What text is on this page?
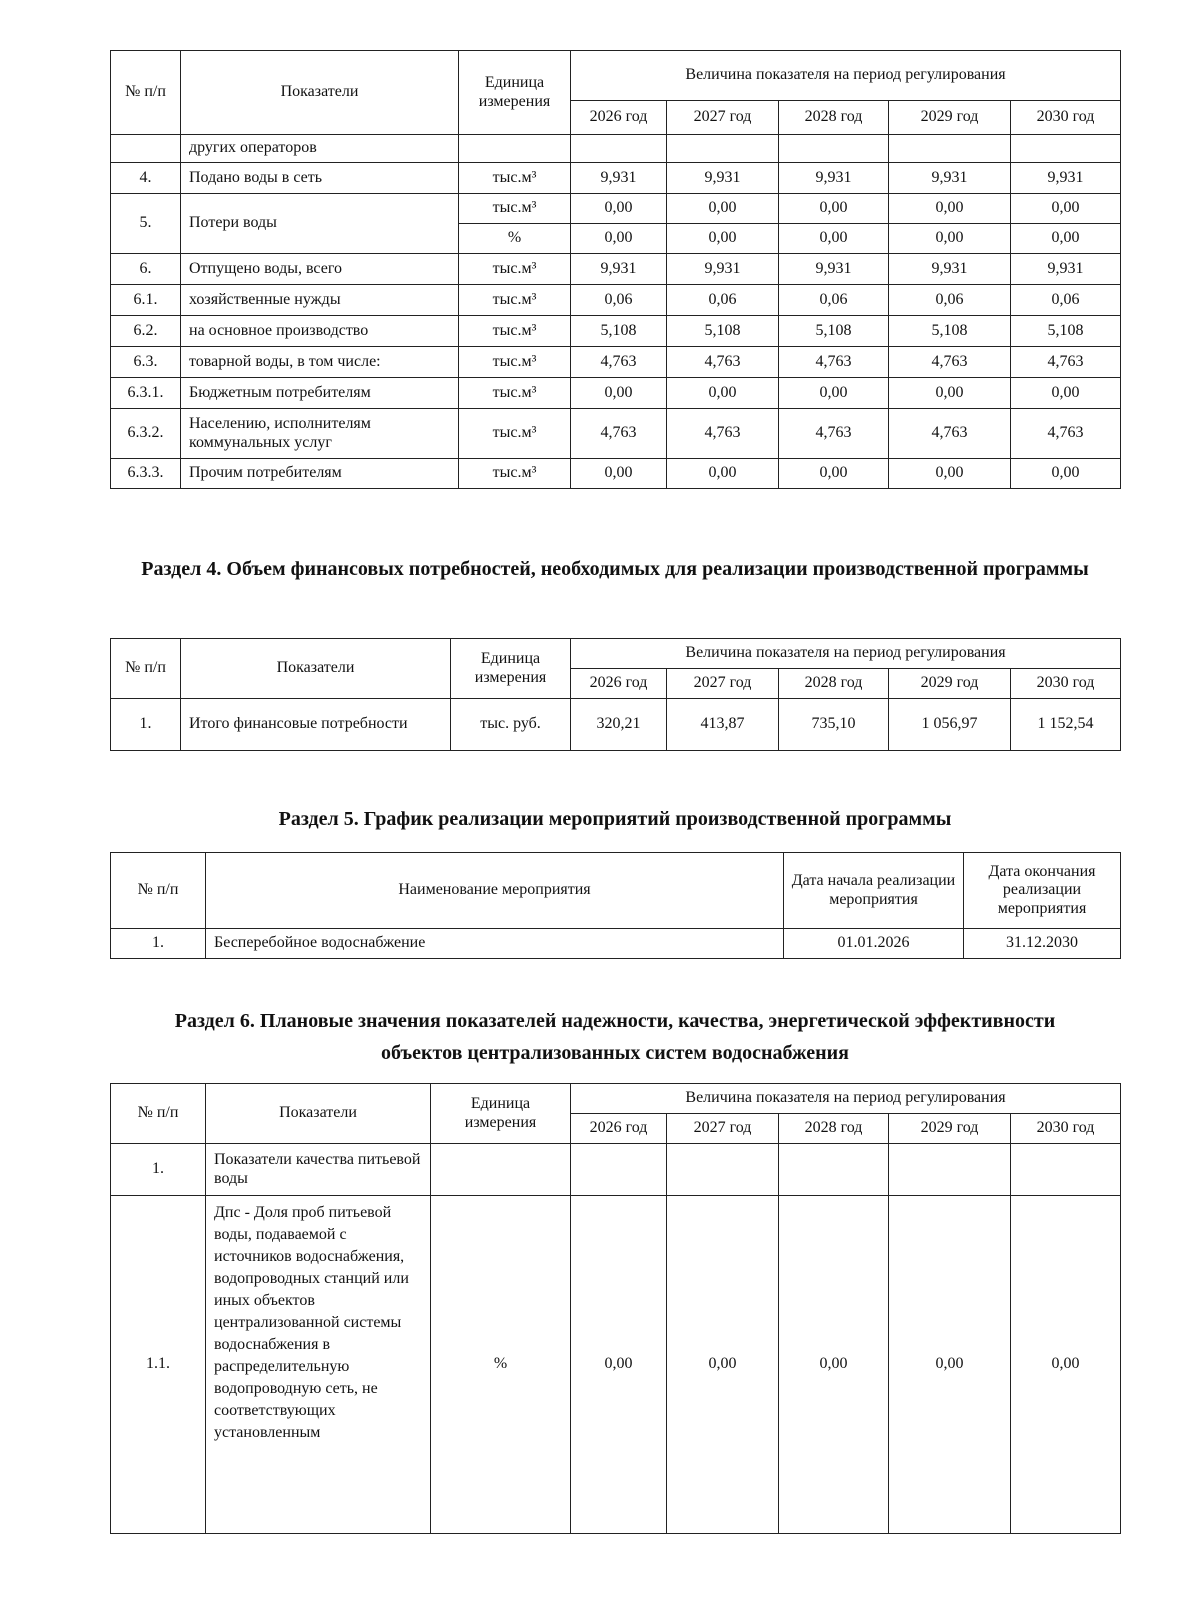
№ п/п	Показатели	Единица измерения	Величина показателя на период регулирования				
			2026 год	2027 год	2028 год	2029 год	2030 год
	других операторов						
4.	Подано воды в сеть	тыс.м³	9,931	9,931	9,931	9,931	9,931
5.	Потери воды	тыс.м³	0,00	0,00	0,00	0,00	0,00
		%	0,00	0,00	0,00	0,00	0,00
6.	Отпущено воды, всего	тыс.м³	9,931	9,931	9,931	9,931	9,931
6.1.	хозяйственные нужды	тыс.м³	0,06	0,06	0,06	0,06	0,06
6.2.	на основное производство	тыс.м³	5,108	5,108	5,108	5,108	5,108
6.3.	товарной воды, в том числе:	тыс.м³	4,763	4,763	4,763	4,763	4,763
6.3.1.	Бюджетным потребителям	тыс.м³	0,00	0,00	0,00	0,00	0,00
6.3.2.	Населению, исполнителям коммунальных услуг	тыс.м³	4,763	4,763	4,763	4,763	4,763
6.3.3.	Прочим потребителям	тыс.м³	0,00	0,00	0,00	0,00	0,00
Раздел 4. Объем финансовых потребностей, необходимых для реализации производственной программы
№ п/п	Показатели	Единица измерения	Величина показателя на период регулирования				
			2026 год	2027 год	2028 год	2029 год	2030 год
1.	Итого финансовые потребности	тыс. руб.	320,21	413,87	735,10	1 056,97	1 152,54
Раздел 5. График реализации мероприятий производственной программы
№ п/п	Наименование мероприятия	Дата начала реализации мероприятия	Дата окончания реализации мероприятия
1.	Бесперебойное водоснабжение	01.01.2026	31.12.2030
Раздел 6. Плановые значения показателей надежности, качества, энергетической эффективности объектов централизованных систем водоснабжения
№ п/п	Показатели	Единица измерения	Величина показателя на период регулирования				
			2026 год	2027 год	2028 год	2029 год	2030 год
1.	Показатели качества питьевой воды						
1.1.	Дпс - Доля проб питьевой воды, подаваемой с источников водоснабжения, водопроводных станций или иных объектов централизованной системы водоснабжения в распределительную водопроводную сеть, не соответствующих установленным	%	0,00	0,00	0,00	0,00	0,00
